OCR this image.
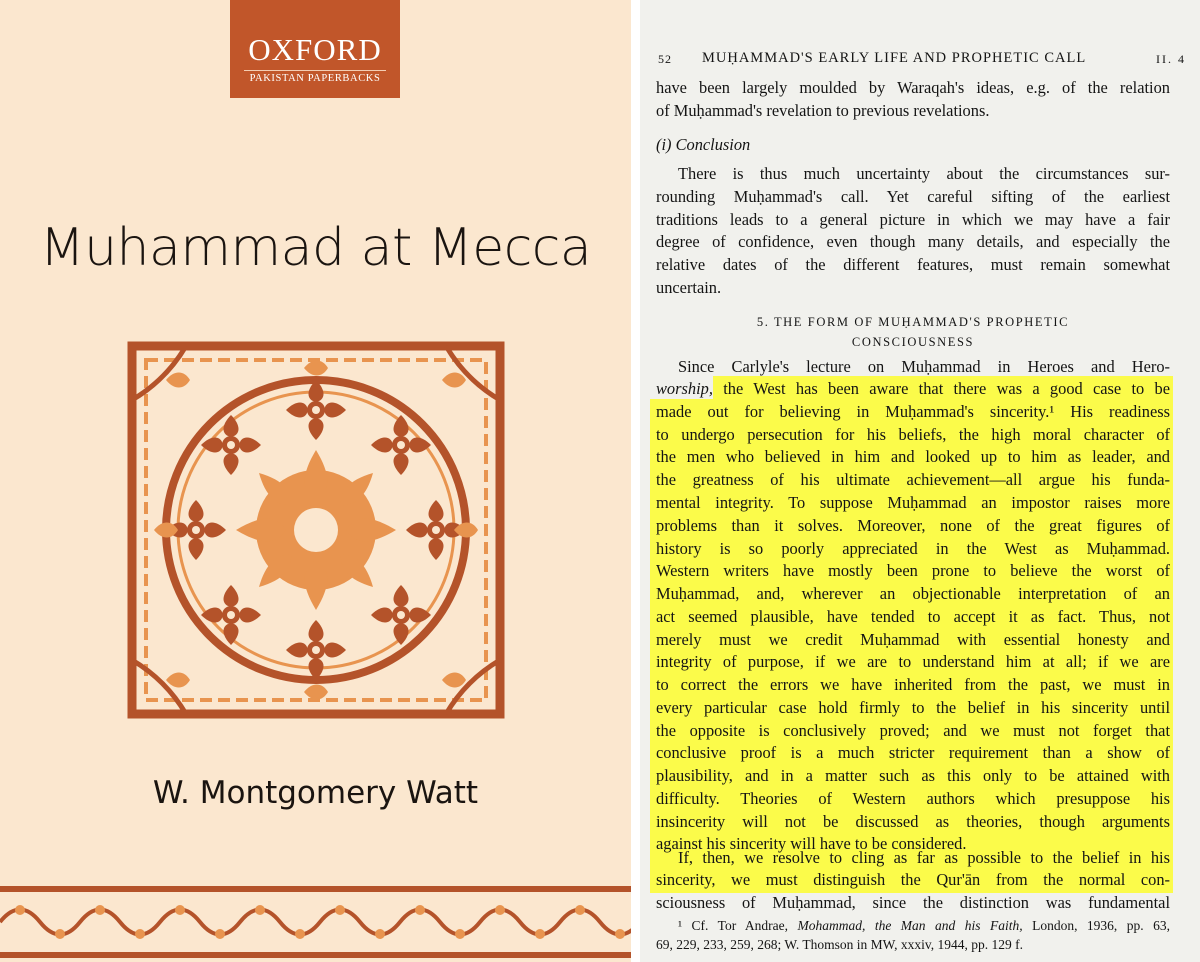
OXFORD
PAKISTAN PAPERBACKS
Muhammad at Mecca
W. Montgomery Watt
52 MUḤAMMAD'S EARLY LIFE AND PROPHETIC CALL	II. 4
have been largely moulded by Waraqah's ideas, e.g. of the relation
of Muḥammad's revelation to previous revelations.
(i) Conclusion
There is thus much uncertainty about the circumstances sur-
rounding Muḥammad's call. Yet careful sifting of the earliest
traditions leads to a general picture in which we may have a fair
degree of confidence, even though many details, and especially the
relative dates of the different features, must remain somewhat
uncertain.
5. THE FORM OF MUḤAMMAD'S PROPHETIC
CONSCIOUSNESS
Since Carlyle's lecture on Muḥammad in Heroes and Hero-
worship, the West has been aware that there was a good case to be
made out for believing in Muḥammad's sincerity.¹ His readiness
to undergo persecution for his beliefs, the high moral character of
the men who believed in him and looked up to him as leader, and
the greatness of his ultimate achievement—all argue his funda-
mental integrity. To suppose Muḥammad an impostor raises more
problems than it solves. Moreover, none of the great figures of
history is so poorly appreciated in the West as Muḥammad.
Western writers have mostly been prone to believe the worst of
Muḥammad, and, wherever an objectionable interpretation of an
act seemed plausible, have tended to accept it as fact. Thus, not
merely must we credit Muḥammad with essential honesty and
integrity of purpose, if we are to understand him at all; if we are
to correct the errors we have inherited from the past, we must in
every particular case hold firmly to the belief in his sincerity until
the opposite is conclusively proved; and we must not forget that
conclusive proof is a much stricter requirement than a show of
plausibility, and in a matter such as this only to be attained with
difficulty. Theories of Western authors which presuppose his
insincerity will not be discussed as theories, though arguments
against his sincerity will have to be considered.
If, then, we resolve to cling as far as possible to the belief in his
sincerity, we must distinguish the Qur'ān from the normal con-
sciousness of Muḥammad, since the distinction was fundamental
¹ Cf. Tor Andrae, Mohammad, the Man and his Faith, London, 1936, pp. 63,
69, 229, 233, 259, 268; W. Thomson in MW, xxxiv, 1944, pp. 129 f.
